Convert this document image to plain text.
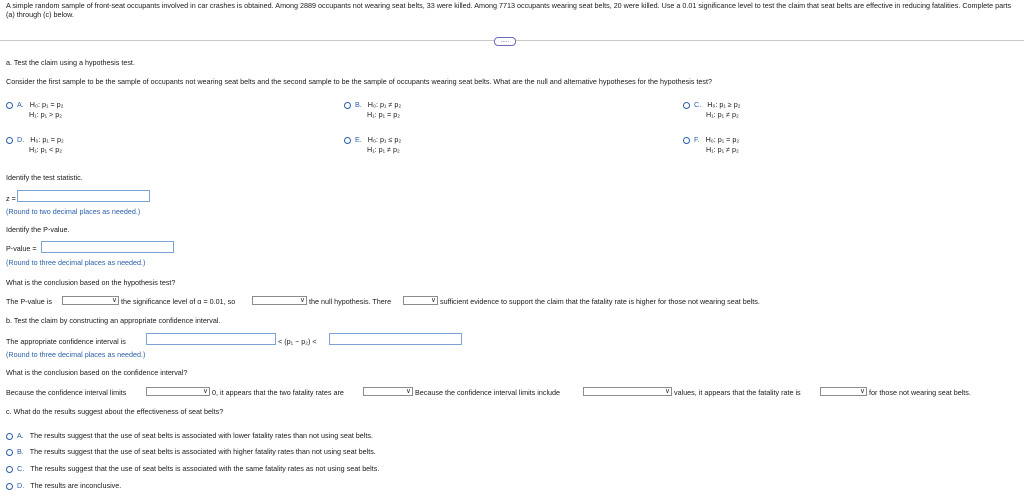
A simple random sample of front-seat occupants involved in car crashes is obtained. Among 2889 occupants not wearing seat belts, 33 were killed. Among 7713 occupants wearing seat belts, 20 were killed. Use a 0.01 significance level to test the claim that seat belts are effective in reducing fatalities. Complete parts (a) through (c) below.
.....
a. Test the claim using a hypothesis test.
Consider the first sample to be the sample of occupants not wearing seat belts and the second sample to be the sample of occupants wearing seat belts. What are the null and alternative hypotheses for the hypothesis test?
A. H₀: p₁ = p₂
H₁: p₁ > p₂
B. H₀: p₁ ≠ p₂
H₁: p₁ = p₂
C. H₀: p₁ ≥ p₂
H₁: p₁ ≠ p₂
D. H₀: p₁ = p₂
H₁: p₁ < p₂
E. H₀: p₁ ≤ p₂
H₁: p₁ ≠ p₂
F. H₀: p₁ = p₂
H₁: p₁ ≠ p₂
Identify the test statistic.
z =
(Round to two decimal places as needed.)
Identify the P-value.
P-value =
(Round to three decimal places as needed.)
What is the conclusion based on the hypothesis test?
The P-value is	∨ the significance level of α = 0.01, so	∨ the null hypothesis. There	∨ sufficient evidence to support the claim that the fatality rate is higher for those not wearing seat belts.
b. Test the claim by constructing an appropriate confidence interval.
The appropriate confidence interval is	< (p₁ − p₂) <
(Round to three decimal places as needed.)
What is the conclusion based on the confidence interval?
Because the confidence interval limits	∨ 0, it appears that the two fatality rates are	∨ Because the confidence interval limits include	∨ values, it appears that the fatality rate is	∨ for those not wearing seat belts.
c. What do the results suggest about the effectiveness of seat belts?
A. The results suggest that the use of seat belts is associated with lower fatality rates than not using seat belts.
B. The results suggest that the use of seat belts is associated with higher fatality rates than not using seat belts.
C. The results suggest that the use of seat belts is associated with the same fatality rates as not using seat belts.
D. The results are inconclusive.
